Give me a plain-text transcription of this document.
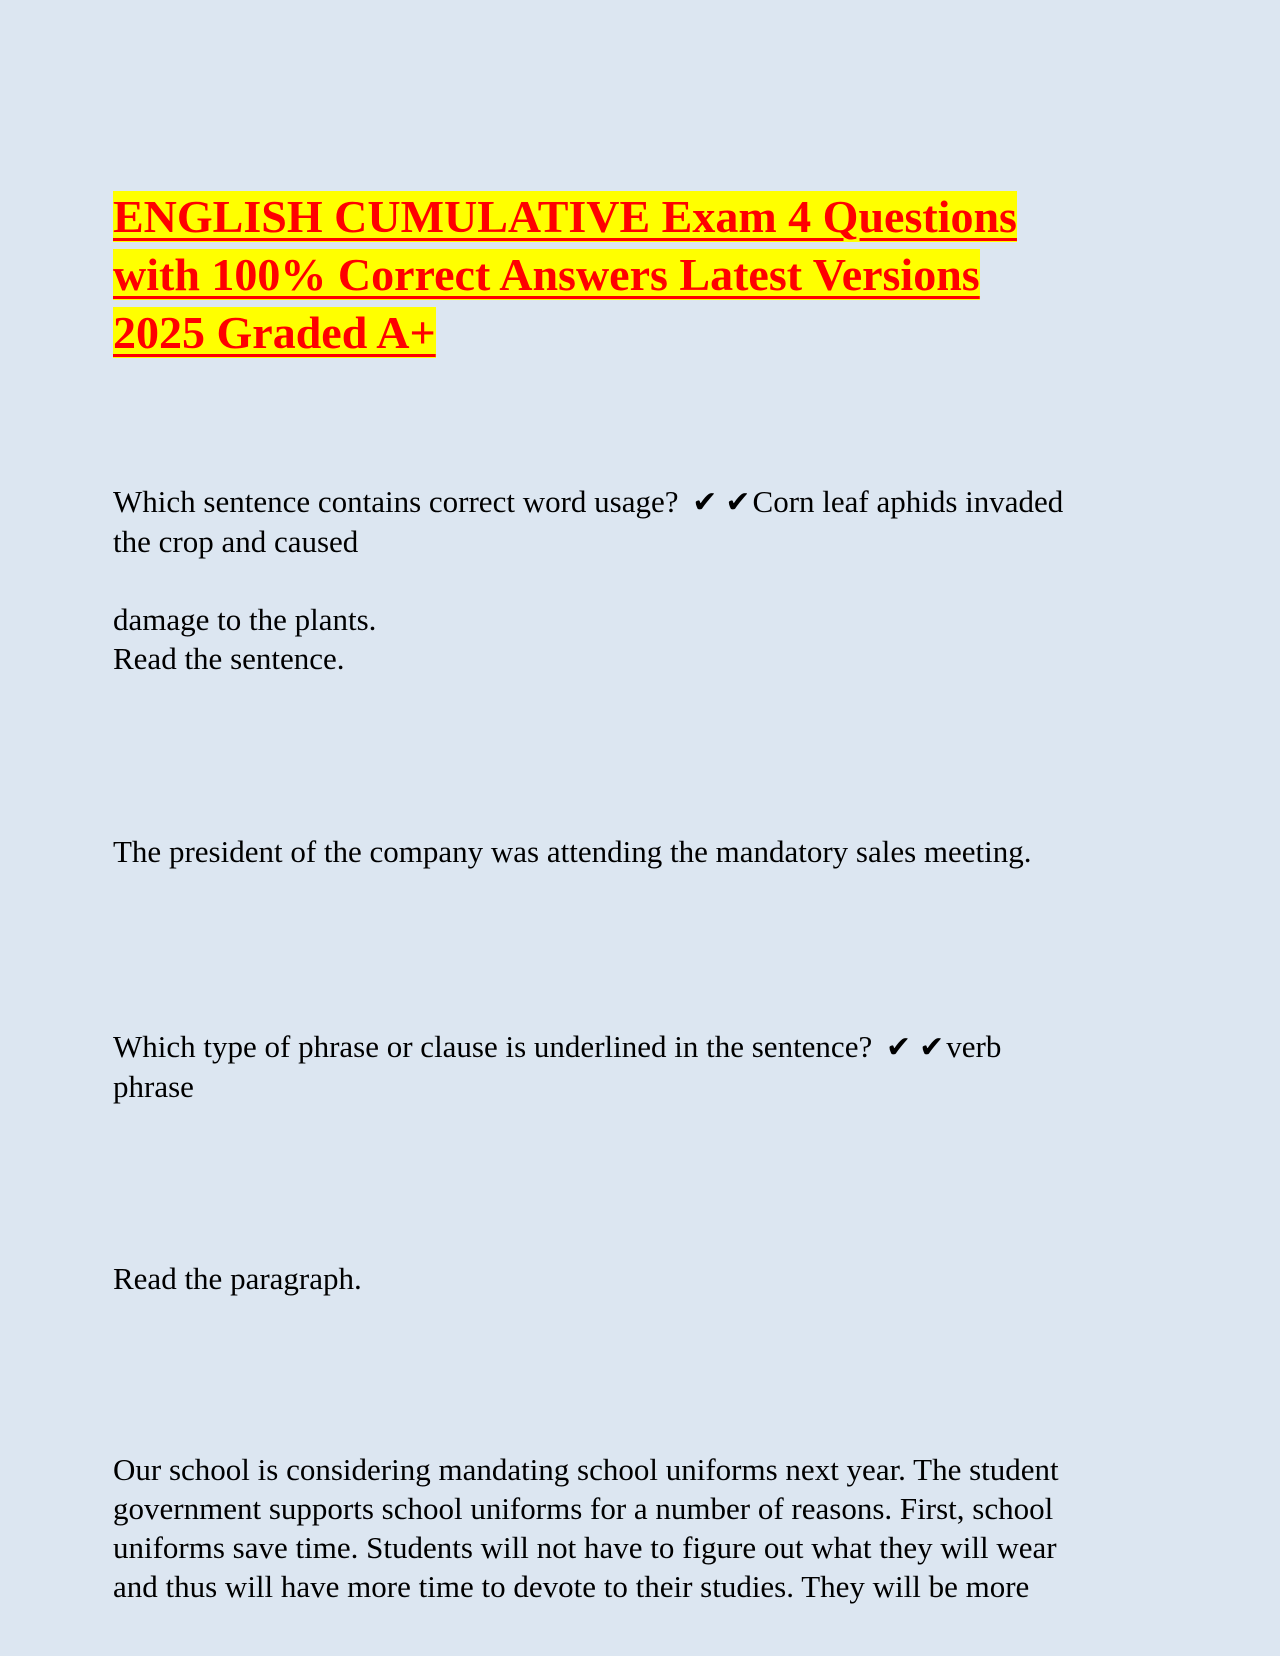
ENGLISH CUMULATIVE Exam 4 Questions
with 100% Correct Answers Latest Versions
2025 Graded A+

Which sentence contains correct word usage? ✔ ✔Corn leaf aphids invaded
the crop and caused

damage to the plants.
Read the sentence.

The president of the company was attending the mandatory sales meeting.

Which type of phrase or clause is underlined in the sentence? ✔ ✔verb
phrase

Read the paragraph.

Our school is considering mandating school uniforms next year. The student
government supports school uniforms for a number of reasons. First, school
uniforms save time. Students will not have to figure out what they will wear
and thus will have more time to devote to their studies. They will be more
